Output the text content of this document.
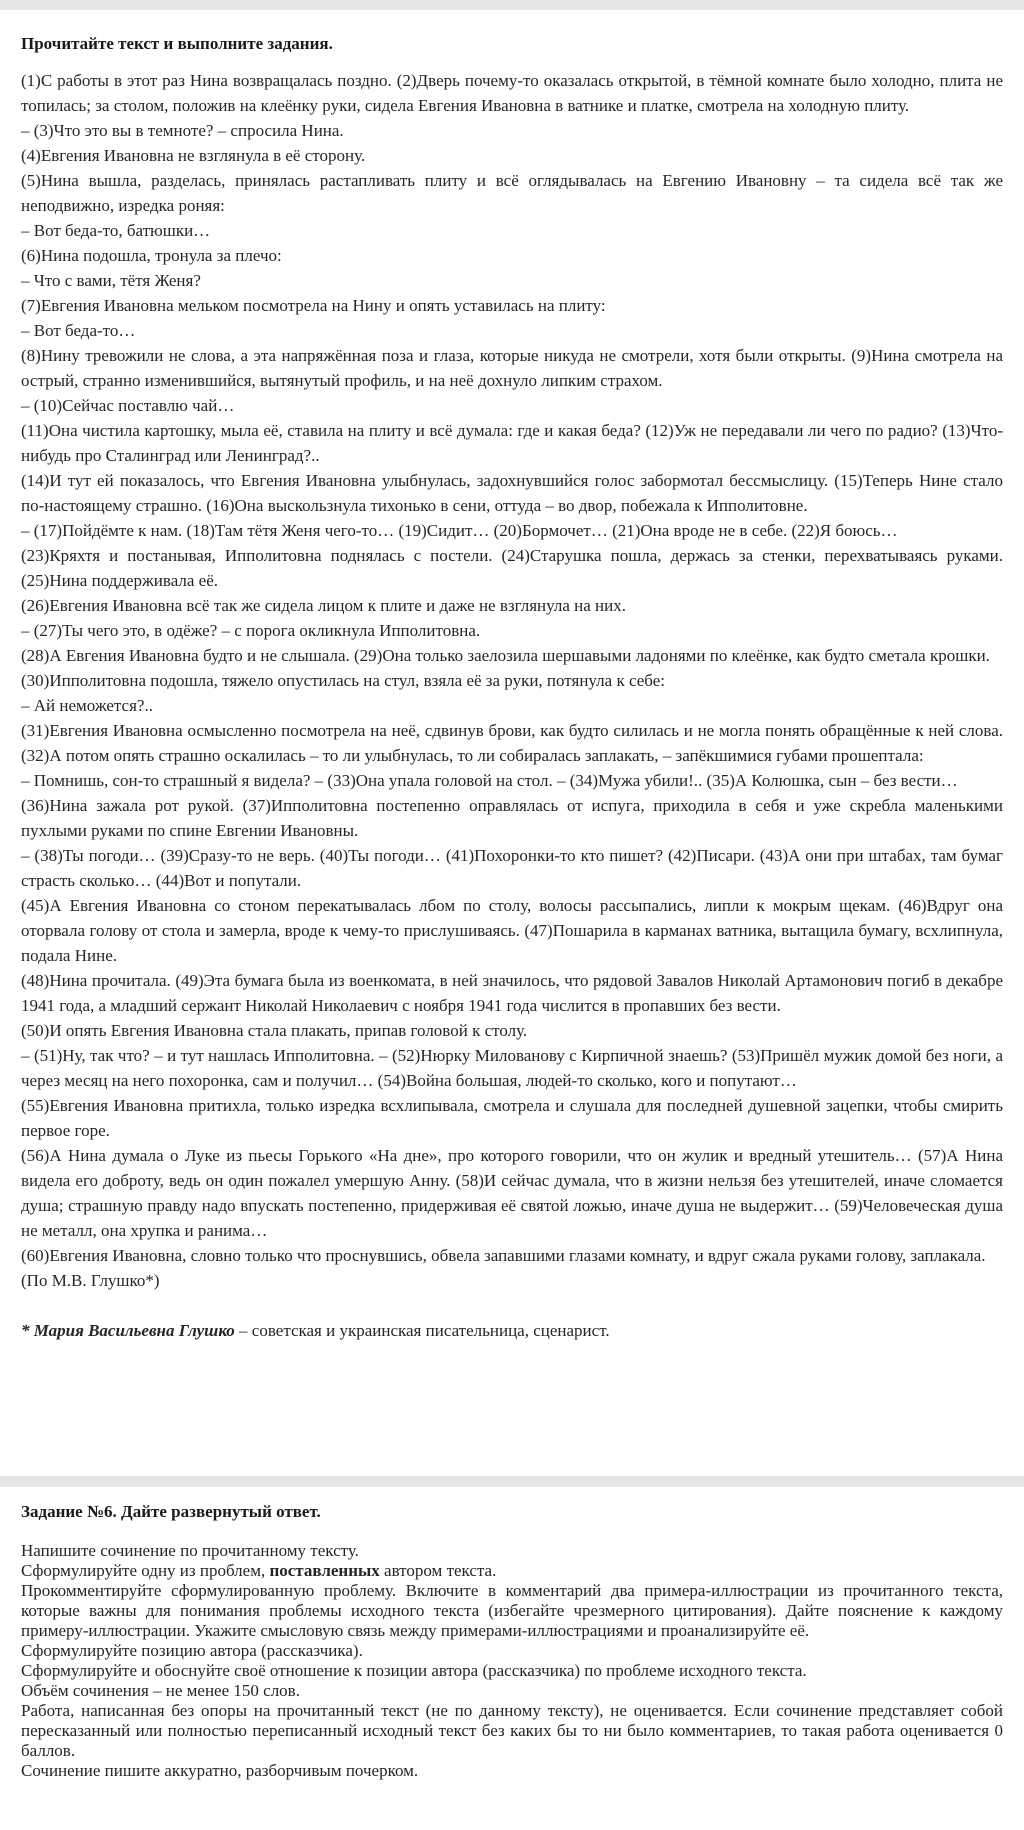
Прочитайте текст и выполните задания.

(1)С работы в этот раз Нина возвращалась поздно. (2)Дверь почему-то оказалась открытой, в тёмной комнате было холодно, плита не топилась; за столом, положив на клеёнку руки, сидела Евгения Ивановна в ватнике и платке, смотрела на холодную плиту.

– (3)Что это вы в темноте? – спросила Нина.

(4)Евгения Ивановна не взглянула в её сторону.

(5)Нина вышла, разделась, принялась растапливать плиту и всё оглядывалась на Евгению Ивановну – та сидела всё так же неподвижно, изредка роняя:

– Вот беда-то, батюшки…

(6)Нина подошла, тронула за плечо:

– Что с вами, тётя Женя?

(7)Евгения Ивановна мельком посмотрела на Нину и опять уставилась на плиту:

– Вот беда-то…

(8)Нину тревожили не слова, а эта напряжённая поза и глаза, которые никуда не смотрели, хотя были открыты. (9)Нина смотрела на острый, странно изменившийся, вытянутый профиль, и на неё дохнуло липким страхом.

– (10)Сейчас поставлю чай…

(11)Она чистила картошку, мыла её, ставила на плиту и всё думала: где и какая беда? (12)Уж не передавали ли чего по радио? (13)Что-нибудь про Сталинград или Ленинград?..

(14)И тут ей показалось, что Евгения Ивановна улыбнулась, задохнувшийся голос забормотал бессмыслицу. (15)Теперь Нине стало по-настоящему страшно. (16)Она выскользнула тихонько в сени, оттуда – во двор, побежала к Ипполитовне.

– (17)Пойдёмте к нам. (18)Там тётя Женя чего-то… (19)Сидит… (20)Бормочет… (21)Она вроде не в себе. (22)Я боюсь…

(23)Кряхтя и постанывая, Ипполитовна поднялась с постели. (24)Старушка пошла, держась за стенки, перехватываясь руками. (25)Нина поддерживала её.

(26)Евгения Ивановна всё так же сидела лицом к плите и даже не взглянула на них.

– (27)Ты чего это, в одёже? – с порога окликнула Ипполитовна.

(28)А Евгения Ивановна будто и не слышала. (29)Она только заелозила шершавыми ладонями по клеёнке, как будто сметала крошки.

(30)Ипполитовна подошла, тяжело опустилась на стул, взяла её за руки, потянула к себе:

– Ай неможется?..

(31)Евгения Ивановна осмысленно посмотрела на неё, сдвинув брови, как будто силилась и не могла понять обращённые к ней слова. (32)А потом опять страшно оскалилась – то ли улыбнулась, то ли собиралась заплакать, – запёкшимися губами прошептала:

– Помнишь, сон-то страшный я видела? – (33)Она упала головой на стол. – (34)Мужа убили!.. (35)А Колюшка, сын – без вести…

(36)Нина зажала рот рукой. (37)Ипполитовна постепенно оправлялась от испуга, приходила в себя и уже скребла маленькими пухлыми руками по спине Евгении Ивановны.

– (38)Ты погоди… (39)Сразу-то не верь. (40)Ты погоди… (41)Похоронки-то кто пишет? (42)Писари. (43)А они при штабах, там бумаг страсть сколько… (44)Вот и попутали.

(45)А Евгения Ивановна со стоном перекатывалась лбом по столу, волосы рассыпались, липли к мокрым щекам. (46)Вдруг она оторвала голову от стола и замерла, вроде к чему-то прислушиваясь. (47)Пошарила в карманах ватника, вытащила бумагу, всхлипнула, подала Нине.

(48)Нина прочитала. (49)Эта бумага была из военкомата, в ней значилось, что рядовой Завалов Николай Артамонович погиб в декабре 1941 года, а младший сержант Николай Николаевич с ноября 1941 года числится в пропавших без вести.

(50)И опять Евгения Ивановна стала плакать, припав головой к столу.

– (51)Ну, так что? – и тут нашлась Ипполитовна. – (52)Нюрку Милованову с Кирпичной знаешь? (53)Пришёл мужик домой без ноги, а через месяц на него похоронка, сам и получил… (54)Война большая, людей-то сколько, кого и попутают…

(55)Евгения Ивановна притихла, только изредка всхлипывала, смотрела и слушала для последней душевной зацепки, чтобы смирить первое горе.

(56)А Нина думала о Луке из пьесы Горького «На дне», про которого говорили, что он жулик и вредный утешитель… (57)А Нина видела его доброту, ведь он один пожалел умершую Анну. (58)И сейчас думала, что в жизни нельзя без утешителей, иначе сломается душа; страшную правду надо впускать постепенно, придерживая её святой ложью, иначе душа не выдержит… (59)Человеческая душа не металл, она хрупка и ранима…

(60)Евгения Ивановна, словно только что проснувшись, обвела запавшими глазами комнату, и вдруг сжала руками голову, заплакала.

(По М.В. Глушко*)

* Мария Васильевна Глушко – советская и украинская писательница, сценарист.
Задание №6. Дайте развернутый ответ.

Напишите сочинение по прочитанному тексту.

Сформулируйте одну из проблем, поставленных автором текста.

Прокомментируйте сформулированную проблему. Включите в комментарий два примера-иллюстрации из прочитанного текста, которые важны для понимания проблемы исходного текста (избегайте чрезмерного цитирования). Дайте пояснение к каждому примеру-иллюстрации. Укажите смысловую связь между примерами-иллюстрациями и проанализируйте её.

Сформулируйте позицию автора (рассказчика).

Сформулируйте и обоснуйте своё отношение к позиции автора (рассказчика) по проблеме исходного текста.

Объём сочинения – не менее 150 слов.

Работа, написанная без опоры на прочитанный текст (не по данному тексту), не оценивается. Если сочинение представляет собой пересказанный или полностью переписанный исходный текст без каких бы то ни было комментариев, то такая работа оценивается 0 баллов.

Сочинение пишите аккуратно, разборчивым почерком.
